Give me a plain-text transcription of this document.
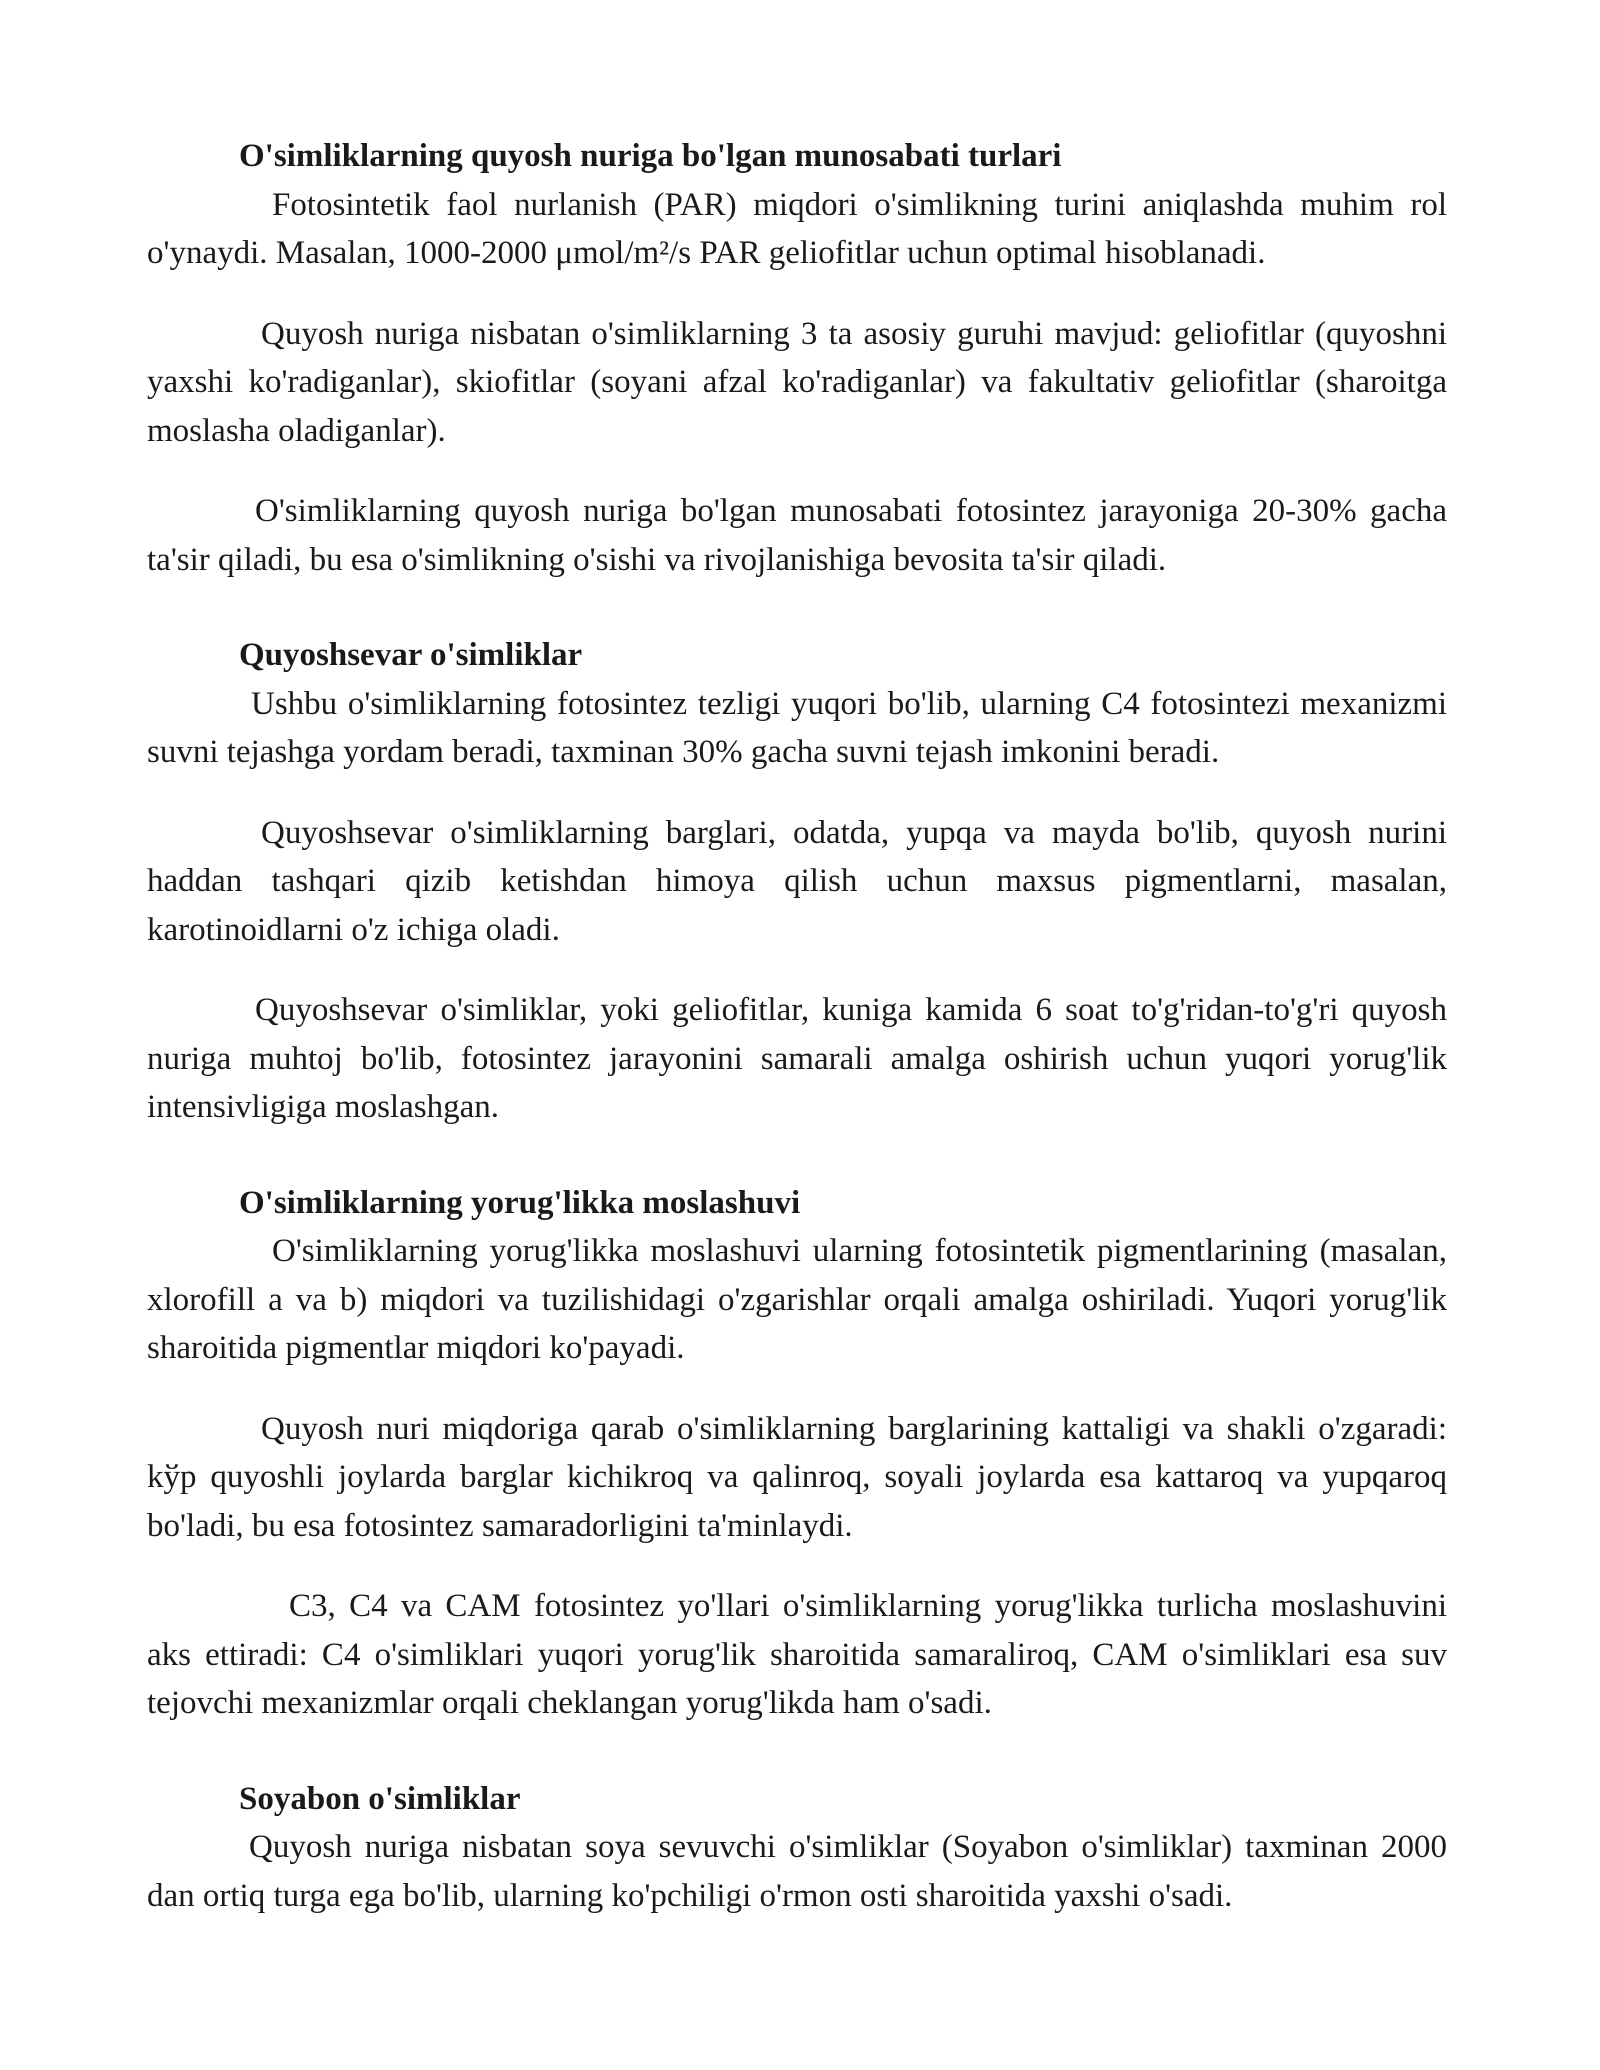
O'simliklarning quyosh nuriga bo'lgan munosabati turlari

Fotosintetik faol nurlanish (PAR) miqdori o'simlikning turini aniqlashda muhim rol o'ynaydi. Masalan, 1000-2000 μmol/m²/s PAR geliofitlar uchun optimal hisoblanadi.

Quyosh nuriga nisbatan o'simliklarning 3 ta asosiy guruhi mavjud: geliofitlar (quyoshni yaxshi ko'radiganlar), skiofitlar (soyani afzal ko'radiganlar) va fakultativ geliofitlar (sharoitga moslasha oladiganlar).

O'simliklarning quyosh nuriga bo'lgan munosabati fotosintez jarayoniga 20-30% gacha ta'sir qiladi, bu esa o'simlikning o'sishi va rivojlanishiga bevosita ta'sir qiladi.

Quyoshsevar o'simliklar

Ushbu o'simliklarning fotosintez tezligi yuqori bo'lib, ularning C4 fotosintezi mexanizmi suvni tejashga yordam beradi, taxminan 30% gacha suvni tejash imkonini beradi.

Quyoshsevar o'simliklarning barglari, odatda, yupqa va mayda bo'lib, quyosh nurini haddan tashqari qizib ketishdan himoya qilish uchun maxsus pigmentlarni, masalan, karotinoidlarni o'z ichiga oladi.

Quyoshsevar o'simliklar, yoki geliofitlar, kuniga kamida 6 soat to'g'ridan-to'g'ri quyosh nuriga muhtoj bo'lib, fotosintez jarayonini samarali amalga oshirish uchun yuqori yorug'lik intensivligiga moslashgan.

O'simliklarning yorug'likka moslashuvi

O'simliklarning yorug'likka moslashuvi ularning fotosintetik pigmentlarining (masalan, xlorofill a va b) miqdori va tuzilishidagi o'zgarishlar orqali amalga oshiriladi. Yuqori yorug'lik sharoitida pigmentlar miqdori ko'payadi.

Quyosh nuri miqdoriga qarab o'simliklarning barglarining kattaligi va shakli o'zgaradi: kўp quyoshli joylarda barglar kichikroq va qalinroq, soyali joylarda esa kattaroq va yupqaroq bo'ladi, bu esa fotosintez samaradorligini ta'minlaydi.

C3, C4 va CAM fotosintez yo'llari o'simliklarning yorug'likka turlicha moslashuvini aks ettiradi: C4 o'simliklari yuqori yorug'lik sharoitida samaraliroq, CAM o'simliklari esa suv tejovchi mexanizmlar orqali cheklangan yorug'likda ham o'sadi.

Soyabon o'simliklar

Quyosh nuriga nisbatan soya sevuvchi o'simliklar (Soyabon o'simliklar) taxminan 2000 dan ortiq turga ega bo'lib, ularning ko'pchiligi o'rmon osti sharoitida yaxshi o'sadi.
